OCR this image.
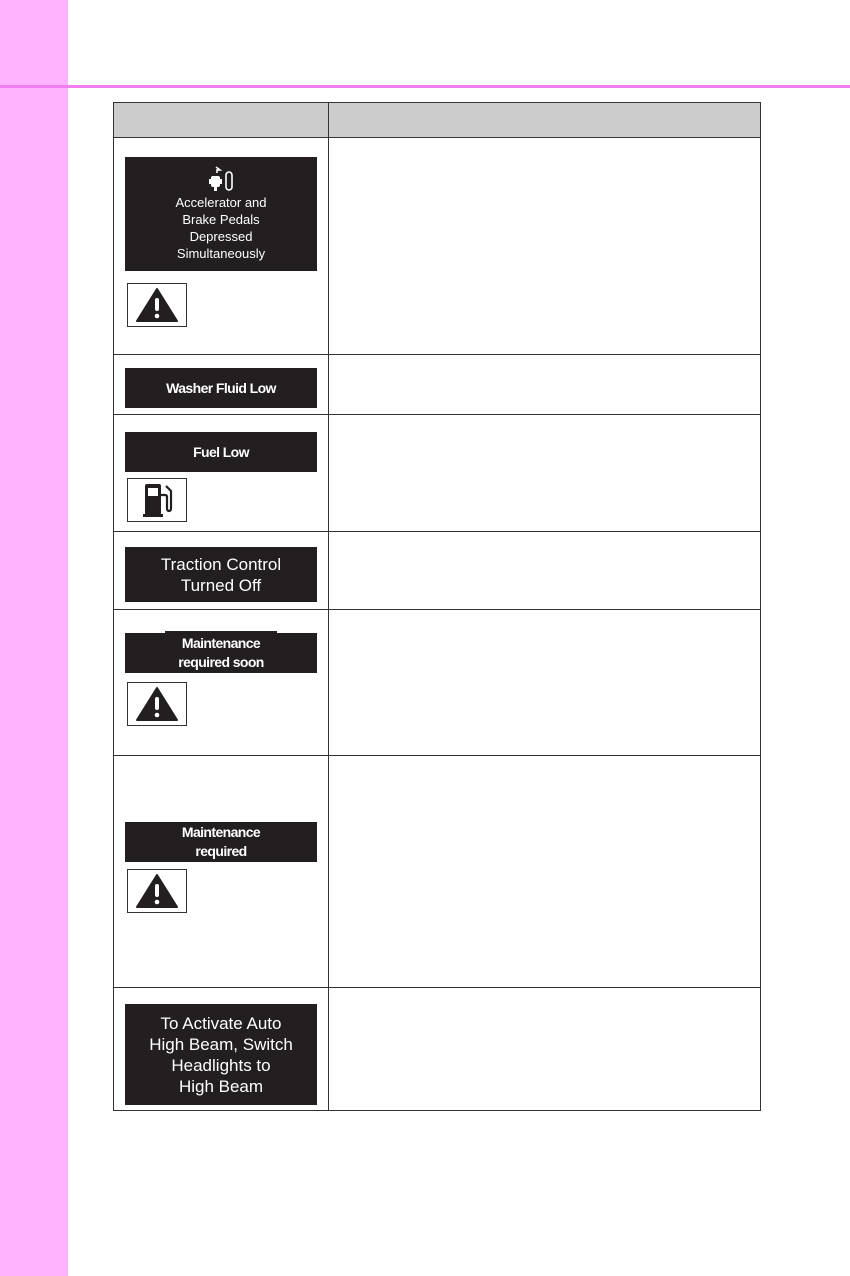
Accelerator and
Brake Pedals
Depressed
Simultaneously	

Washer Fluid Low	

Fuel Low	

Traction Control
Turned Off	

Maintenance
required soon	

Maintenance
required	

To Activate Auto
High Beam, Switch
Headlights to
High Beam	
